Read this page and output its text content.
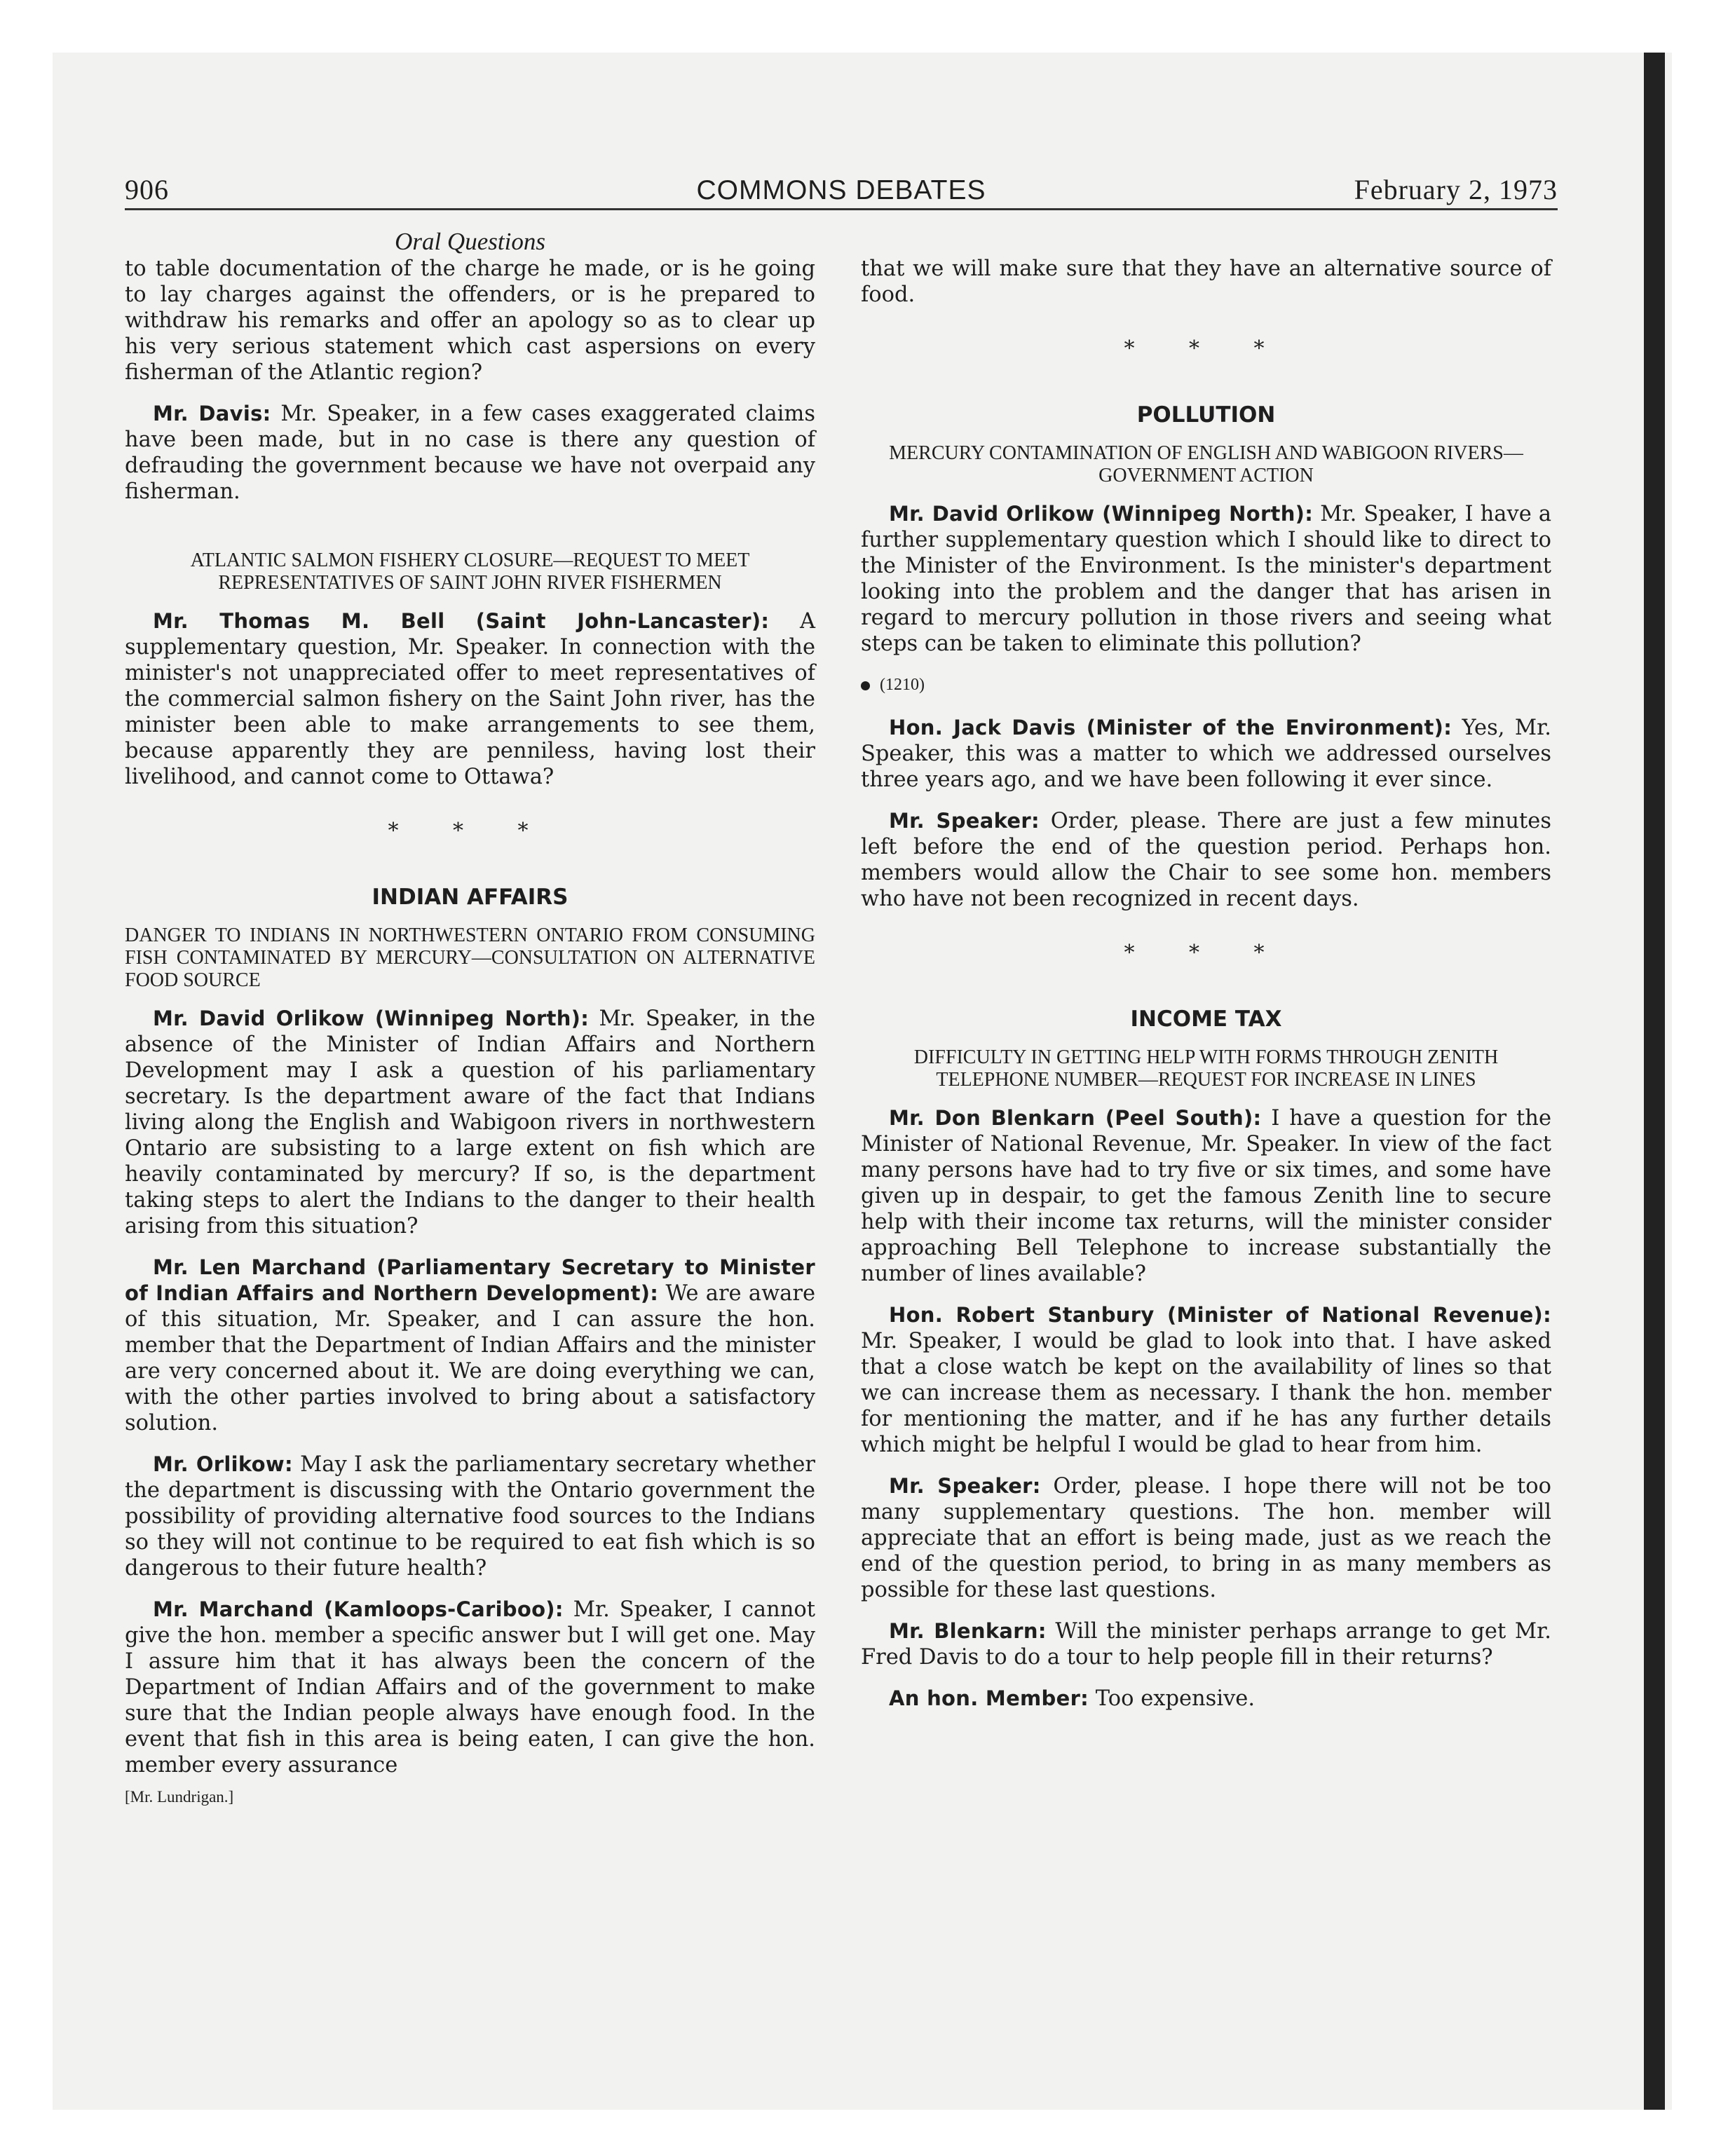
906	COMMONS DEBATES	February 2, 1973
Oral Questions

to table documentation of the charge he made, or is he going to lay charges against the offenders, or is he prepared to withdraw his remarks and offer an apology so as to clear up his very serious statement which cast aspersions on every fisherman of the Atlantic region?

Mr. Davis: Mr. Speaker, in a few cases exaggerated claims have been made, but in no case is there any question of defrauding the government because we have not overpaid any fisherman.

ATLANTIC SALMON FISHERY CLOSURE—REQUEST TO MEET REPRESENTATIVES OF SAINT JOHN RIVER FISHERMEN

Mr. Thomas M. Bell (Saint John-Lancaster): A supplementary question, Mr. Speaker. In connection with the minister's not unappreciated offer to meet representatives of the commercial salmon fishery on the Saint John river, has the minister been able to make arrangements to see them, because apparently they are penniless, having lost their livelihood, and cannot come to Ottawa?

* * *

INDIAN AFFAIRS

DANGER TO INDIANS IN NORTHWESTERN ONTARIO FROM CONSUMING FISH CONTAMINATED BY MERCURY—CONSULTATION ON ALTERNATIVE FOOD SOURCE

Mr. David Orlikow (Winnipeg North): Mr. Speaker, in the absence of the Minister of Indian Affairs and Northern Development may I ask a question of his parliamentary secretary. Is the department aware of the fact that Indians living along the English and Wabigoon rivers in northwestern Ontario are subsisting to a large extent on fish which are heavily contaminated by mercury? If so, is the department taking steps to alert the Indians to the danger to their health arising from this situation?

Mr. Len Marchand (Parliamentary Secretary to Minister of Indian Affairs and Northern Development): We are aware of this situation, Mr. Speaker, and I can assure the hon. member that the Department of Indian Affairs and the minister are very concerned about it. We are doing everything we can, with the other parties involved to bring about a satisfactory solution.

Mr. Orlikow: May I ask the parliamentary secretary whether the department is discussing with the Ontario government the possibility of providing alternative food sources to the Indians so they will not continue to be required to eat fish which is so dangerous to their future health?

Mr. Marchand (Kamloops-Cariboo): Mr. Speaker, I cannot give the hon. member a specific answer but I will get one. May I assure him that it has always been the concern of the Department of Indian Affairs and of the government to make sure that the Indian people always have enough food. In the event that fish in this area is being eaten, I can give the hon. member every assurance

[Mr. Lundrigan.]

that we will make sure that they have an alternative source of food.

* * *

POLLUTION

MERCURY CONTAMINATION OF ENGLISH AND WABIGOON RIVERS—GOVERNMENT ACTION

Mr. David Orlikow (Winnipeg North): Mr. Speaker, I have a further supplementary question which I should like to direct to the Minister of the Environment. Is the minister's department looking into the problem and the danger that has arisen in regard to mercury pollution in those rivers and seeing what steps can be taken to eliminate this pollution?

(1210)

Hon. Jack Davis (Minister of the Environment): Yes, Mr. Speaker, this was a matter to which we addressed ourselves three years ago, and we have been following it ever since.

Mr. Speaker: Order, please. There are just a few minutes left before the end of the question period. Perhaps hon. members would allow the Chair to see some hon. members who have not been recognized in recent days.

* * *

INCOME TAX

DIFFICULTY IN GETTING HELP WITH FORMS THROUGH ZENITH TELEPHONE NUMBER—REQUEST FOR INCREASE IN LINES

Mr. Don Blenkarn (Peel South): I have a question for the Minister of National Revenue, Mr. Speaker. In view of the fact many persons have had to try five or six times, and some have given up in despair, to get the famous Zenith line to secure help with their income tax returns, will the minister consider approaching Bell Telephone to increase substantially the number of lines available?

Hon. Robert Stanbury (Minister of National Revenue): Mr. Speaker, I would be glad to look into that. I have asked that a close watch be kept on the availability of lines so that we can increase them as necessary. I thank the hon. member for mentioning the matter, and if he has any further details which might be helpful I would be glad to hear from him.

Mr. Speaker: Order, please. I hope there will not be too many supplementary questions. The hon. member will appreciate that an effort is being made, just as we reach the end of the question period, to bring in as many members as possible for these last questions.

Mr. Blenkarn: Will the minister perhaps arrange to get Mr. Fred Davis to do a tour to help people fill in their returns?

An hon. Member: Too expensive.
